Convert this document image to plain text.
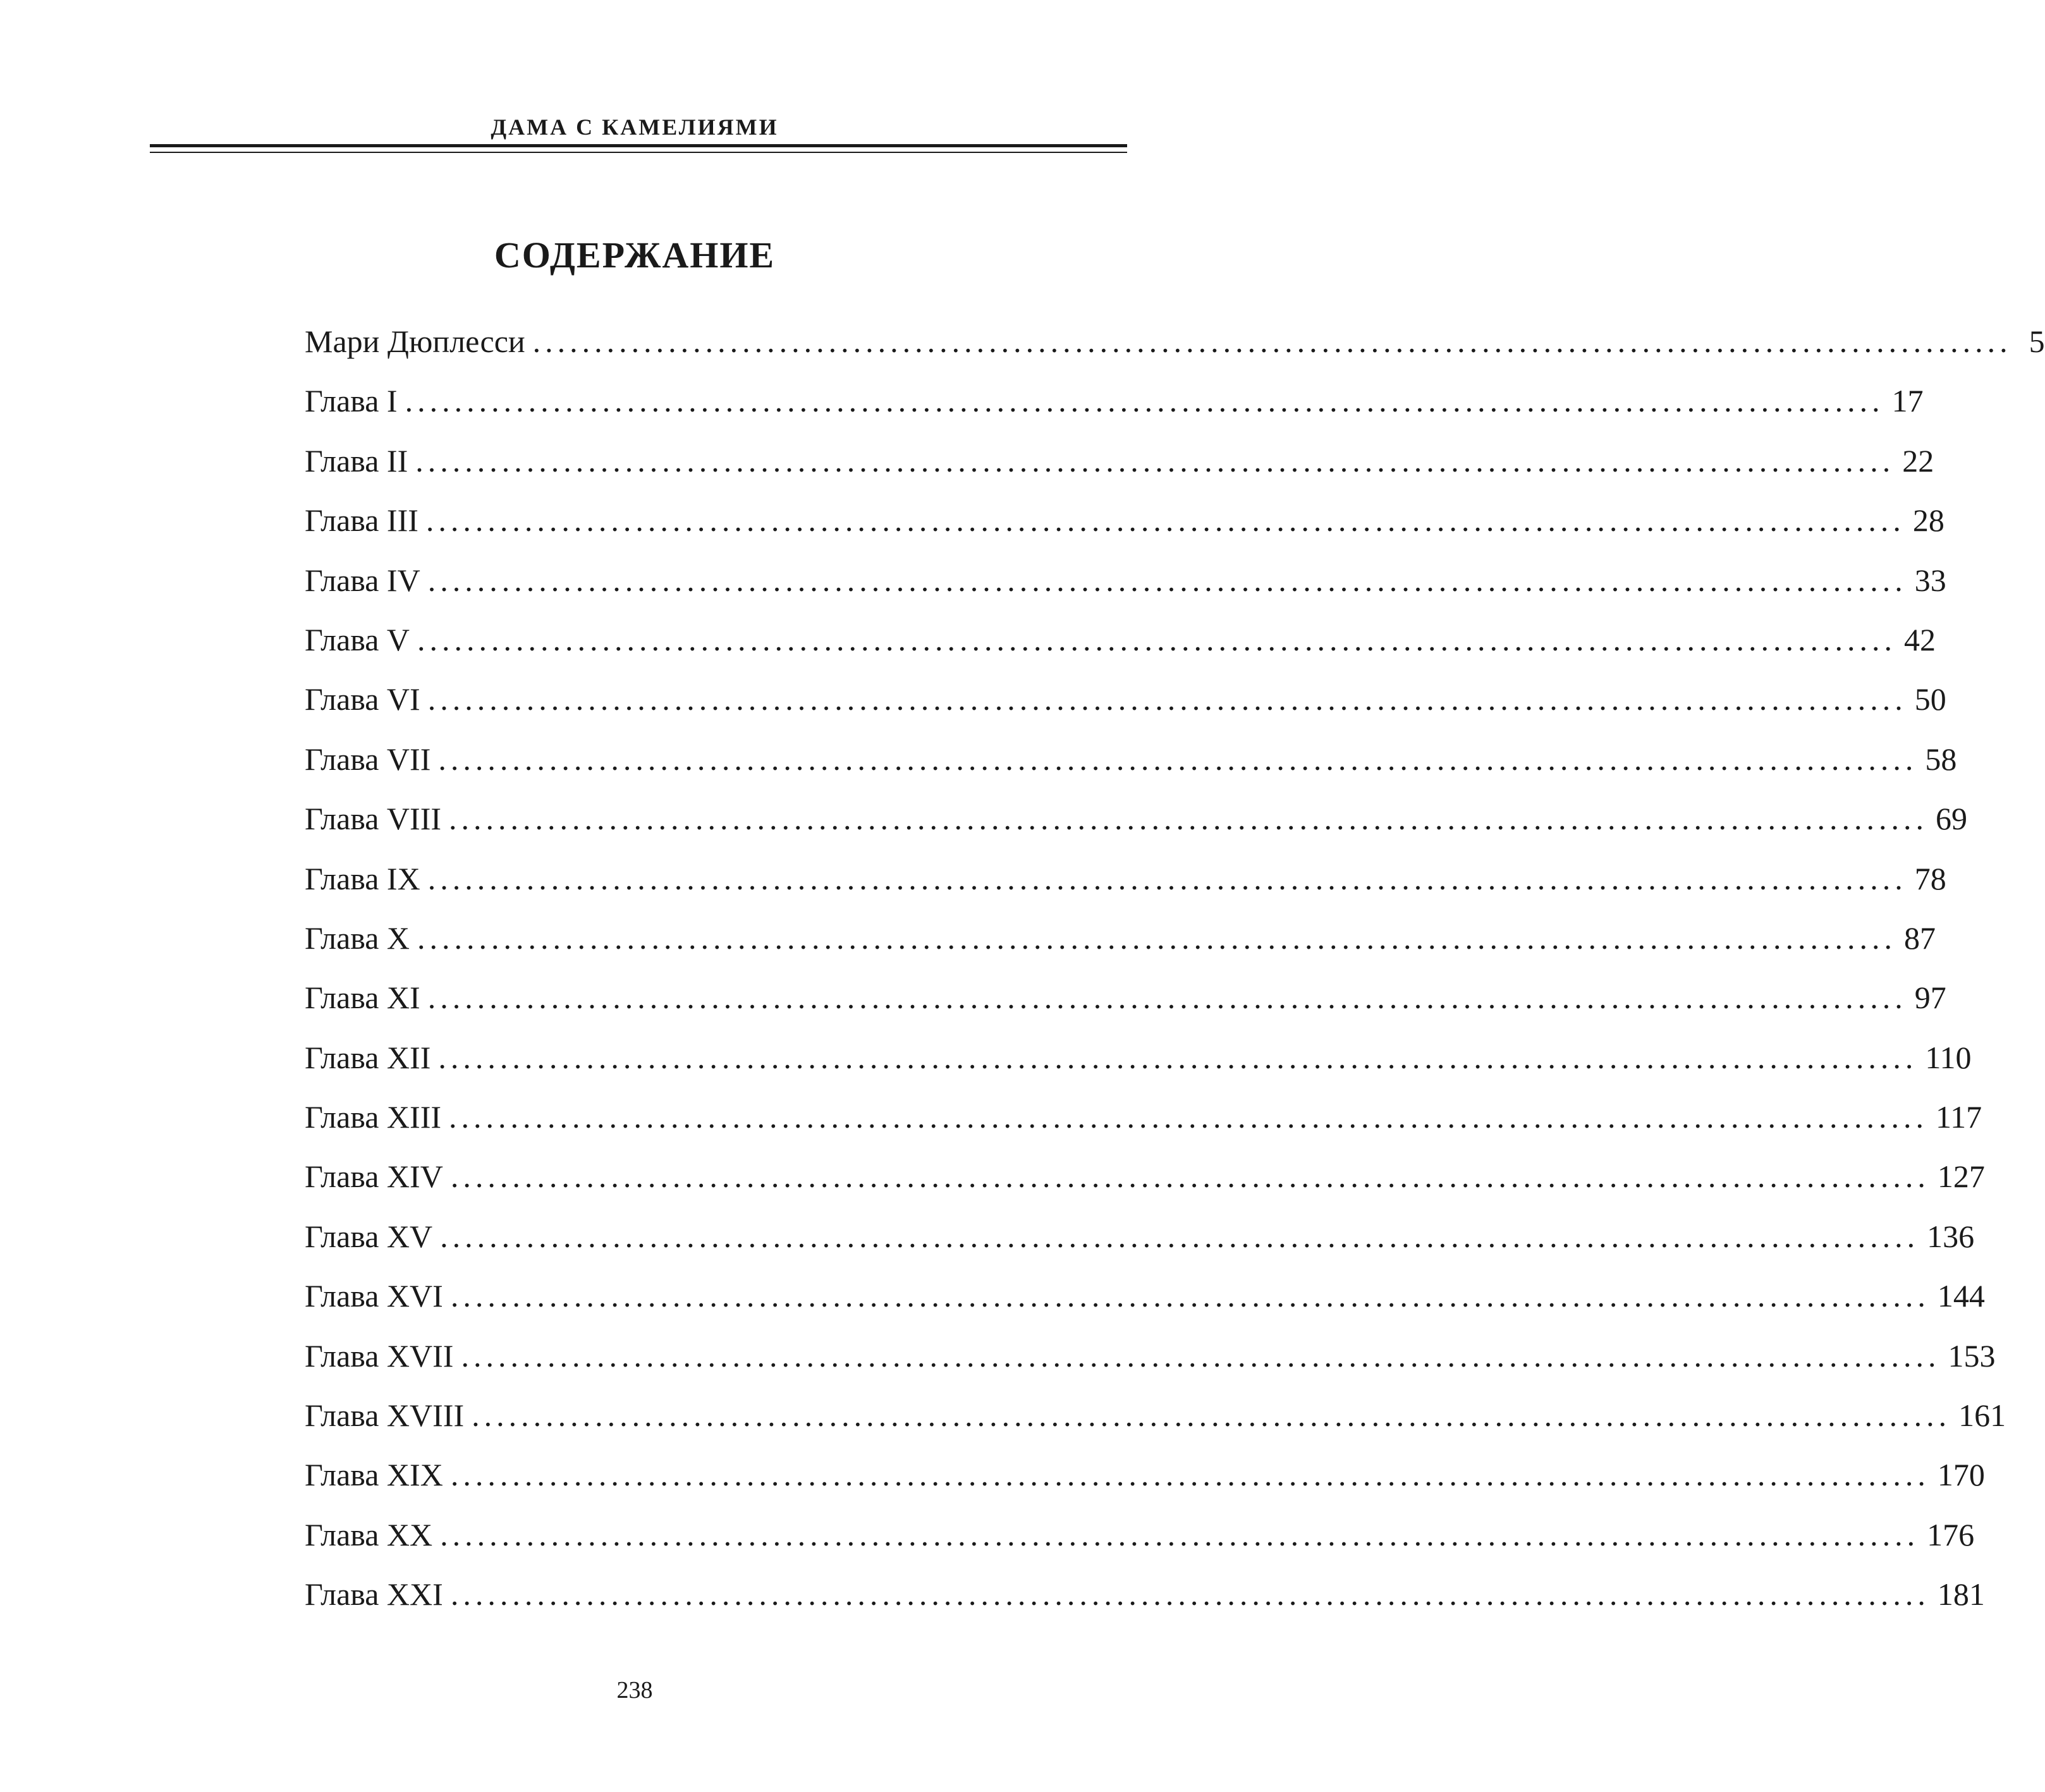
ДАМА С КАМЕЛИЯМИ
СОДЕРЖАНИЕ
Мари Дюплесси ........................................................................................................................ 5
Глава I ........................................................................................................................ 17
Глава II ........................................................................................................................ 22
Глава III ........................................................................................................................ 28
Глава IV ........................................................................................................................ 33
Глава V ........................................................................................................................ 42
Глава VI ........................................................................................................................ 50
Глава VII ........................................................................................................................ 58
Глава VIII ........................................................................................................................ 69
Глава IX ........................................................................................................................ 78
Глава X ........................................................................................................................ 87
Глава XI ........................................................................................................................ 97
Глава XII ........................................................................................................................ 110
Глава XIII ........................................................................................................................ 117
Глава XIV ........................................................................................................................ 127
Глава XV ........................................................................................................................ 136
Глава XVI ........................................................................................................................ 144
Глава XVII ........................................................................................................................ 153
Глава XVIII ........................................................................................................................ 161
Глава XIX ........................................................................................................................ 170
Глава XX ........................................................................................................................ 176
Глава XXI ........................................................................................................................ 181
238
